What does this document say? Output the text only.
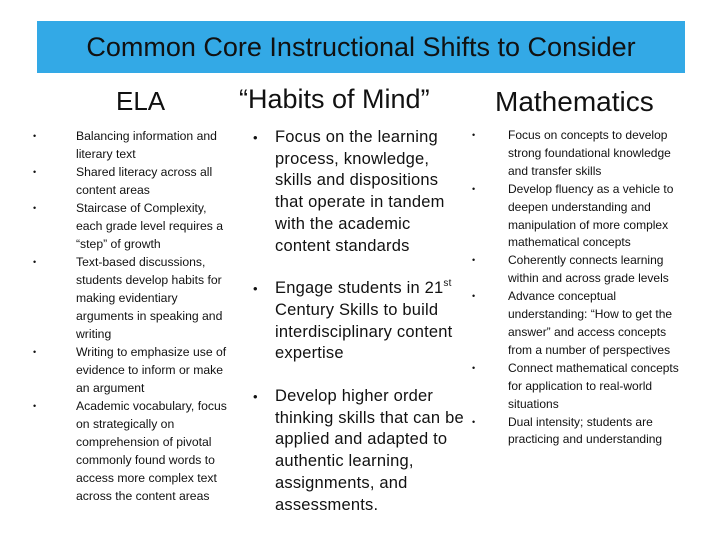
Common Core Instructional Shifts to Consider
ELA	“Habits of Mind” Mathematics
•	Balancing information and literary text
•	Shared literacy across all content areas
•	Staircase of Complexity, each grade level requires a “step” of growth
•	Text-based discussions, students develop habits for making evidentiary arguments in speaking and writing
•	Writing to emphasize use of evidence to inform or make an argument
•	Academic vocabulary, focus on strategically on comprehension of pivotal commonly found words to access more complex text across the content areas
• Focus on the learning process, knowledge, skills and dispositions that operate in tandem with the academic content standards
• Engage students in 21st Century Skills to build interdisciplinary content expertise
• Develop higher order thinking skills that can be applied and adapted to authentic learning, assignments, and assessments.
•	Focus on concepts to develop strong foundational knowledge and transfer skills
•	Develop fluency as a vehicle to deepen understanding and manipulation of more complex mathematical concepts
•	Coherently connects learning within and across grade levels
•	Advance conceptual understanding: “How to get the answer” and access concepts from a number of perspectives
•	Connect mathematical concepts for application to real-world situations
•	Dual intensity; students are practicing and understanding
